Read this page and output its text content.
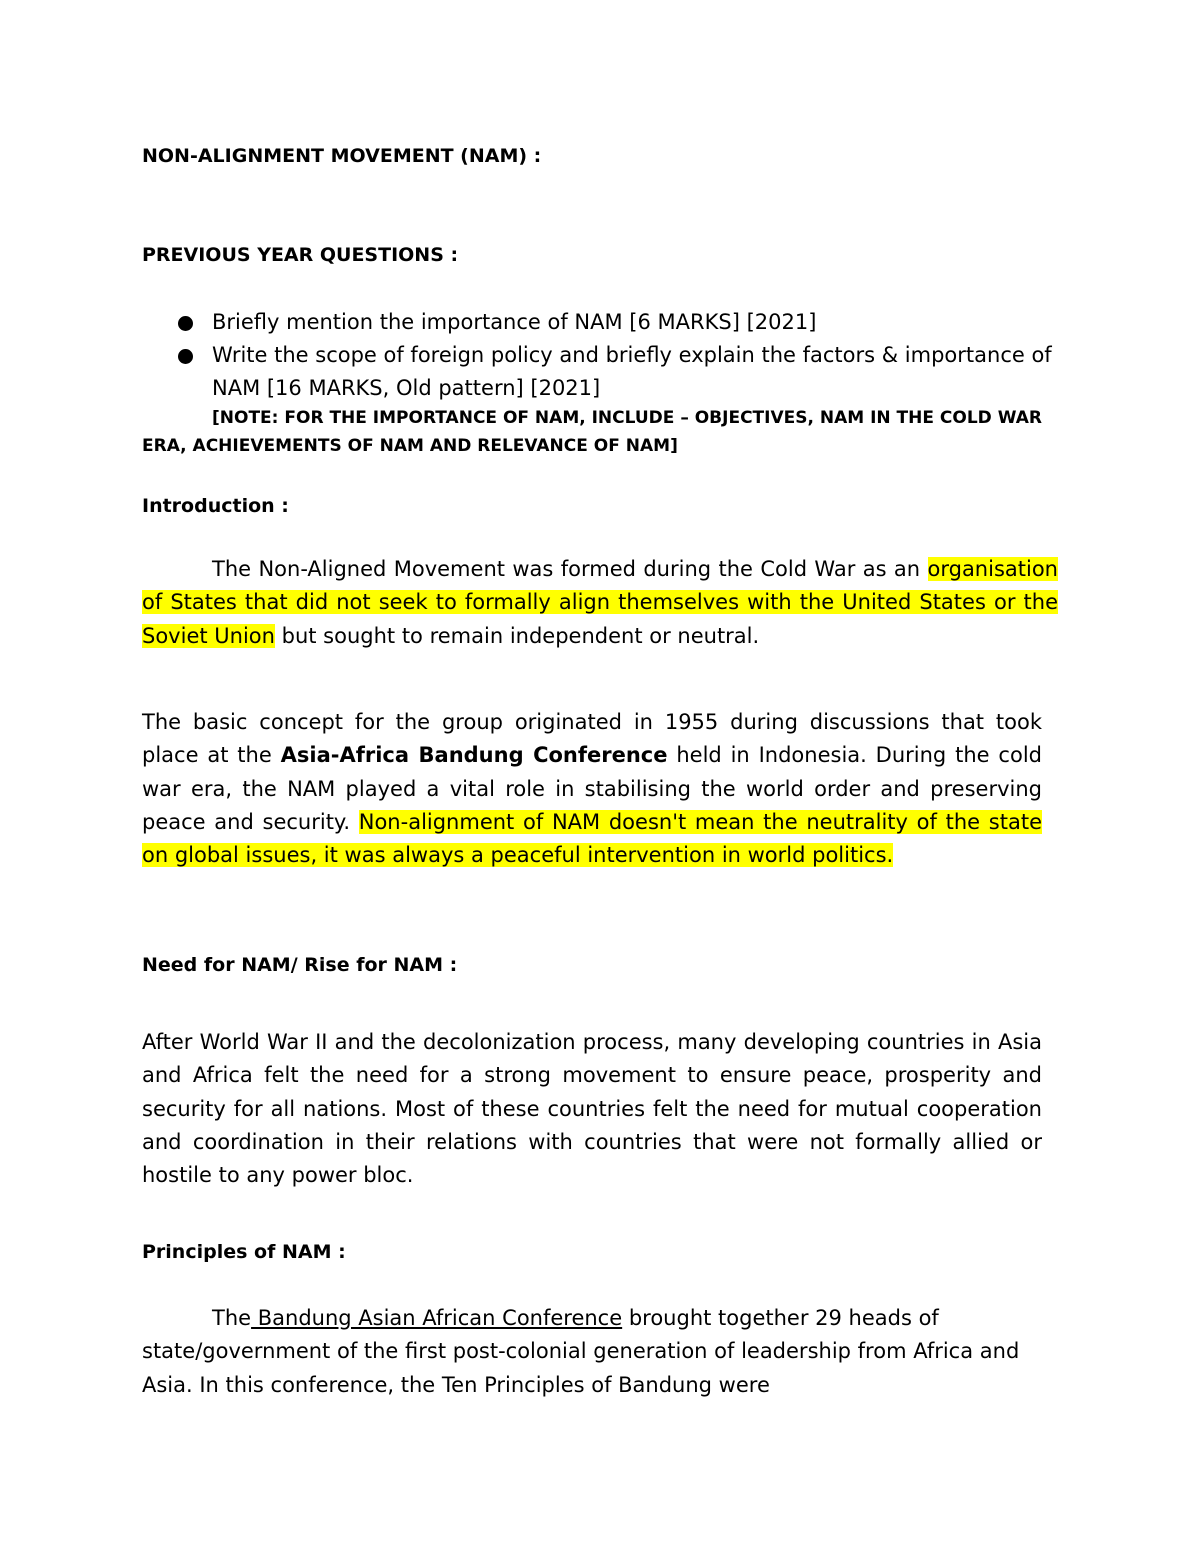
NON-ALIGNMENT MOVEMENT (NAM) :
PREVIOUS YEAR QUESTIONS :
Briefly mention the importance of NAM [6 MARKS] [2021]
Write the scope of foreign policy and briefly explain the factors & importance of NAM [16 MARKS, Old pattern] [2021]

[NOTE: FOR THE IMPORTANCE OF NAM, INCLUDE – OBJECTIVES, NAM IN THE COLD WAR ERA, ACHIEVEMENTS OF NAM AND RELEVANCE OF NAM]

Introduction :

The Non-Aligned Movement was formed during the Cold War as an organisation of States that did not seek to formally align themselves with the United States or the Soviet Union but sought to remain independent or neutral.

The basic concept for the group originated in 1955 during discussions that took place at the Asia-Africa Bandung Conference held in Indonesia. During the cold war era, the NAM played a vital role in stabilising the world order and preserving peace and security. Non-alignment of NAM doesn't mean the neutrality of the state on global issues, it was always a peaceful intervention in world politics.

Need for NAM/ Rise for NAM :

After World War II and the decolonization process, many developing countries in Asia and Africa felt the need for a strong movement to ensure peace, prosperity and security for all nations. Most of these countries felt the need for mutual cooperation and coordination in their relations with countries that were not formally allied or hostile to any power bloc.

Principles of NAM :

The Bandung Asian African Conference brought together 29 heads of state/government of the first post-colonial generation of leadership from Africa and Asia. In this conference, the Ten Principles of Bandung were
